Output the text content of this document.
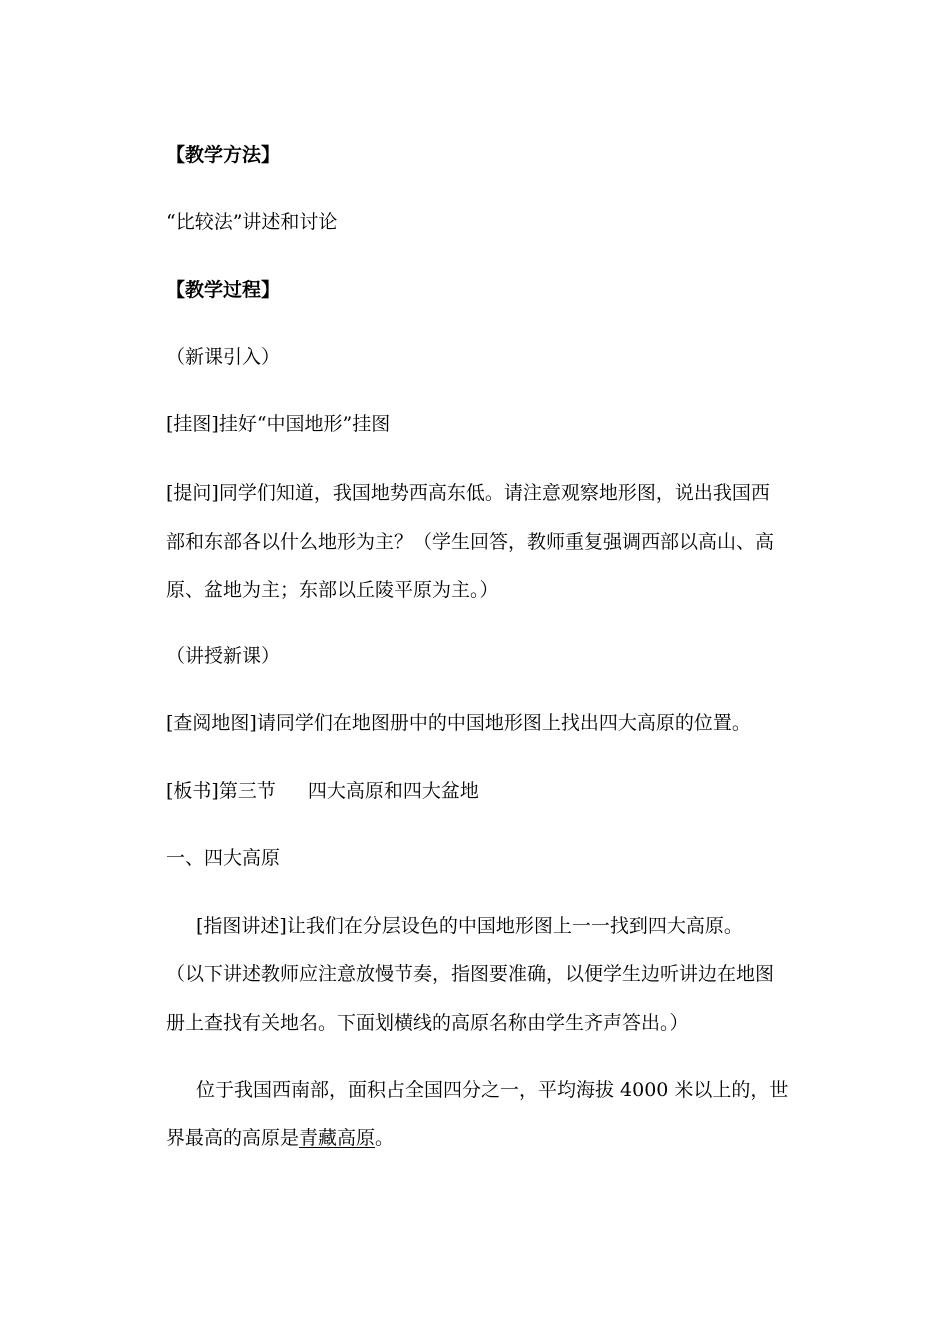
【教学方法】
“比较法”讲述和讨论
【教学过程】
（新课引入）
[挂图]挂好“中国地形”挂图
[提问]同学们知道，我国地势西高东低。请注意观察地形图，说出我国西
部和东部各以什么地形为主？（学生回答，教师重复强调西部以高山、高
原、盆地为主；东部以丘陵平原为主。）
（讲授新课）
[查阅地图]请同学们在地图册中的中国地形图上找出四大高原的位置。
[板书]第三节 四大高原和四大盆地
一、四大高原
[指图讲述]让我们在分层设色的中国地形图上一一找到四大高原。
（以下讲述教师应注意放慢节奏，指图要准确，以便学生边听讲边在地图
册上查找有关地名。下面划横线的高原名称由学生齐声答出。）
位于我国西南部，面积占全国四分之一，平均海拔 4000 米以上的，世
界最高的高原是青藏高原。
